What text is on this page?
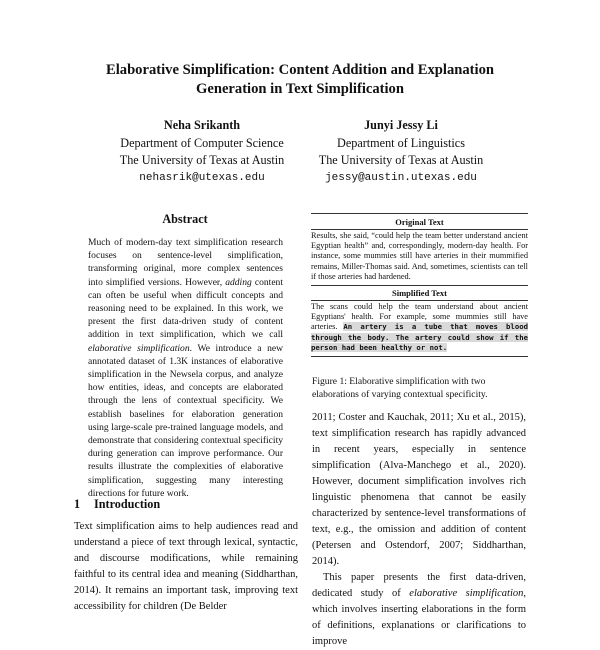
Elaborative Simplification: Content Addition and Explanation
Generation in Text Simplification
Neha Srikanth
Department of Computer Science
The University of Texas at Austin
nehasrik@utexas.edu
Junyi Jessy Li
Department of Linguistics
The University of Texas at Austin
jessy@austin.utexas.edu
Abstract

Much of modern-day text simplification research focuses on sentence-level simplification, transforming original, more complex sentences into simplified versions. However, adding content can often be useful when difficult concepts and reasoning need to be explained. In this work, we present the first data-driven study of content addition in text simplification, which we call elaborative simplification. We introduce a new annotated dataset of 1.3K instances of elaborative simplification in the Newsela corpus, and analyze how entities, ideas, and concepts are elaborated through the lens of contextual specificity. We establish baselines for elaboration generation using large-scale pre-trained language models, and demonstrate that considering contextual specificity during generation can improve performance. Our results illustrate the complexities of elaborative simplification, suggesting many interesting directions for future work.

1 Introduction

Text simplification aims to help audiences read and understand a piece of text through lexical, syntactic, and discourse modifications, while remaining faithful to its central idea and meaning (Siddharthan, 2014). It remains an important task, improving text accessibility for children (De Belder

Original Text
Results, she said, “could help the team better understand ancient Egyptian health” and, correspondingly, modern-day health. For instance, some mummies still have arteries in their mummified remains, Miller-Thomas said. And, sometimes, scientists can tell if those arteries had hardened.
Simplified Text
The scans could help the team understand about ancient Egyptians' health. For example, some mummies still have arteries. An artery is a tube that moves blood through the body. The artery could show if the person had been healthy or not.
Figure 1: Elaborative simplification with two elaborations of varying contextual specificity.

2011; Coster and Kauchak, 2011; Xu et al., 2015), text simplification research has rapidly advanced in recent years, especially in sentence simplification (Alva-Manchego et al., 2020). However, document simplification involves rich linguistic phenomena that cannot be easily characterized by sentence-level transformations of text, e.g., the omission and addition of content (Petersen and Ostendorf, 2007; Siddharthan, 2014).

This paper presents the first data-driven, dedicated study of elaborative simplification, which involves inserting elaborations in the form of definitions, explanations or clarifications to improve
